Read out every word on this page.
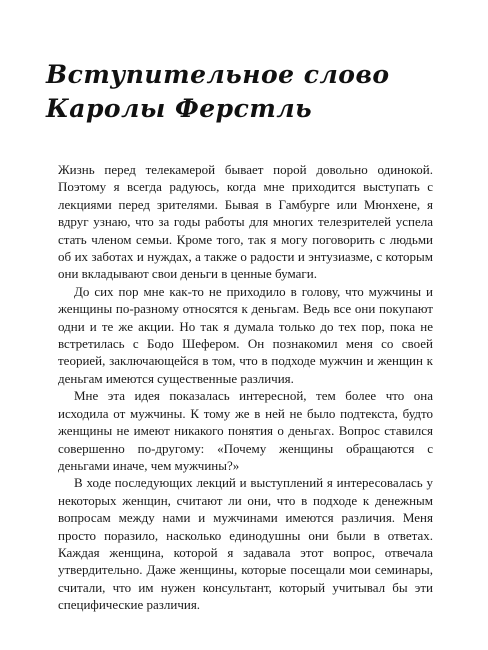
Вступительное слово
Каролы Ферстль

Жизнь перед телекамерой бывает порой довольно одинокой. Поэтому я всегда радуюсь, когда мне приходится выступать с лекциями перед зрителями. Бывая в Гамбурге или Мюнхене, я вдруг узнаю, что за годы работы для многих телезрителей успела стать членом семьи. Кроме того, так я могу поговорить с людьми об их заботах и нуждах, а также о радости и энтузиазме, с которым они вкладывают свои деньги в ценные бумаги.

До сих пор мне как-то не приходило в голову, что мужчины и женщины по-разному относятся к деньгам. Ведь все они покупают одни и те же акции. Но так я думала только до тех пор, пока не встретилась с Бодо Шефером. Он познакомил меня со своей теорией, заключающейся в том, что в подходе мужчин и женщин к деньгам имеются существенные различия.

Мне эта идея показалась интересной, тем более что она исходила от мужчины. К тому же в ней не было подтекста, будто женщины не имеют никакого понятия о деньгах. Вопрос ставился совершенно по-другому: «Почему женщины обращаются с деньгами иначе, чем мужчины?»

В ходе последующих лекций и выступлений я интересовалась у некоторых женщин, считают ли они, что в подходе к денежным вопросам между нами и мужчинами имеются различия. Меня просто поразило, насколько единодушны они были в ответах. Каждая женщина, которой я задавала этот вопрос, отвечала утвердительно. Даже женщины, которые посещали мои семинары, считали, что им нужен консультант, который учитывал бы эти специфические различия.
